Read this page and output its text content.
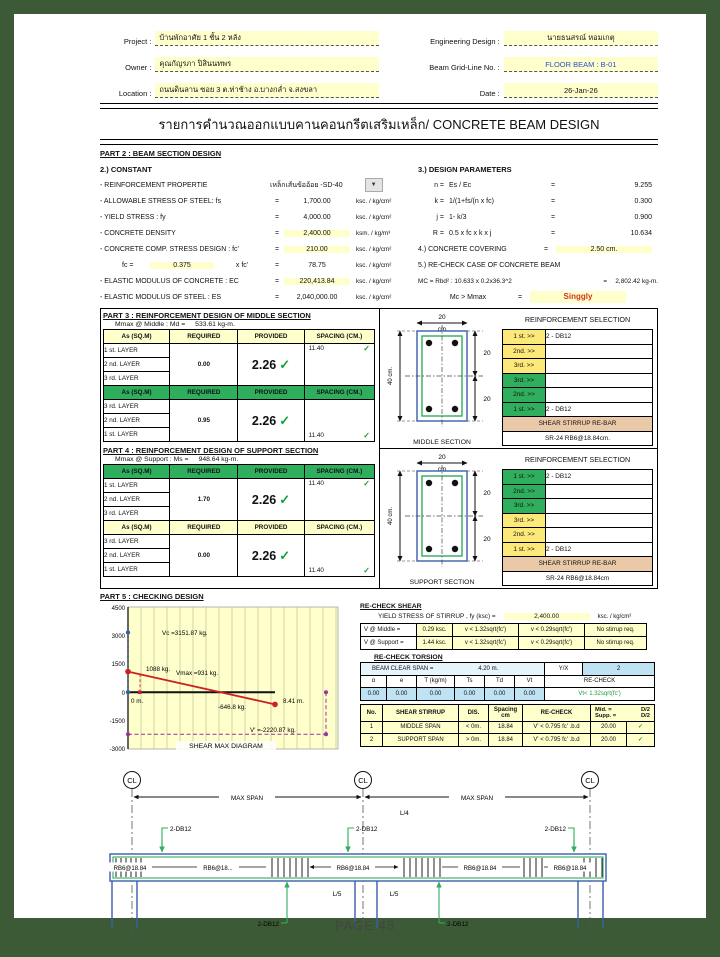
Project :	บ้านพักอาศัย 1 ชั้น 2 หลัง	Engineering Design :	นายธนสรณ์ หอมเกตุ
Owner :	คุณกัญรภา ปิสินนทพร	Beam Grid-Line No. :	FLOOR BEAM : B-01
Location :	ถนนดินลาน ซอย 3 ต.ท่าช้าง อ.บางกล่ำ จ.สงขลา	Date :	26-Jan-26
รายการคำนวณออกแบบคานคอนกรีตเสริมเหล็ก/ CONCRETE BEAM DESIGN
PART 2 : BEAM SECTION DESIGN
2.) CONSTANT
- REINFORCEMENT PROPERTIE	เหล็กเส้นข้ออ้อย -SD-40	▼
- ALLOWABLE STRESS OF STEEL: fs	=	1,700.00	ksc. / kg/cm²
- YIELD STRESS : fy	=	4,000.00	ksc. / kg/cm²
- CONCRETE DENSITY	=	2,400.00	ksm. / kg/m³
- CONCRETE COMP. STRESS DESIGN : fc'	=	210.00	ksc. / kg/cm²
fc =	0.375	x fc'	=	78.75	ksc. / kg/cm²
- ELASTIC MODULUS OF CONCRETE : EC	=	220,413.84	ksc. / kg/cm²
- ELASTIC MODULUS OF STEEL : ES	=	2,040,000.00	ksc. / kg/cm²
3.) DESIGN PARAMETERS
n = Es / Ec	=	9.255
k = 1/(1+fs/(n x fc)	=	0.300
j = 1- k/3	=	0.900
R = 0.5 x fc x k x j	=	10.634
4.) CONCRETE COVERING	=	2.50 cm.
5.) RE-CHECK CASE OF CONCRETE BEAM
MC = Rbd² : 10.633 x 0.2x36.3^2	=	2,802.42 kg-m.
Mc > Mmax	=	Singgly
PART 3 : REINFORCEMENT DESIGN OF MIDDLE SECTION
Mmax @ Middle : Md = 533.61 kg-m.
As (SQ.M)	REQUIRED	PROVIDED	SPACING (CM.)
1 st. LAYER	0.00	2.26 ✓	11.40 ✓

2 nd. LAYER			
3 rd. LAYER			
As (SQ.M)	REQUIRED	PROVIDED	SPACING (CM.)
3 rd. LAYER	0.95	2.26 ✓	11.40 ✓

2 nd. LAYER			
1 st. LAYER			
PART 4 : REINFORCEMENT DESIGN OF SUPPORT SECTION
Mmax @ Support : Ms = 948.64 kg-m.
As (SQ.M)	REQUIRED	PROVIDED	SPACING (CM.)
1 st. LAYER	1.70	2.26 ✓	11.40 ✓

2 nd. LAYER			
3 rd. LAYER			
As (SQ.M)	REQUIRED	PROVIDED	SPACING (CM.)
3 rd. LAYER	0.00	2.26 ✓	11.40 ✓

2 nd. LAYER			
1 st. LAYER			
20
cm
40 cm.
20
20
MIDDLE SECTION
REINFORCEMENT SELECTION
1 st. >>	2 - DB12
2nd. >>	
3rd. >>	
3rd. >>	
2nd. >>	
1 st. >>	2 - DB12
SHEAR STIRRUP RE-BAR	
SR-24 RB6@18.84cm.	
20
cm
40 cm.
20
20
SUPPORT SECTION
REINFORCEMENT SELECTION
1 st. >>	2 - DB12
2nd. >>	
3rd. >>	
3rd. >>	
2nd. >>	
1 st. >>	2 - DB12
SHEAR STIRRUP RE-BAR	
SR-24 RB6@18.84cm	
PART 5 : CHECKING DESIGN
4500
3000
1500
0
-1500
-3000
Vc =3151.87 kg.
1088 kg.
Vmax =931 kg.
0 m.
-646.8 kg.
8.41 m.
V' =-2220.87 kg.
SHEAR MAX DIAGRAM
RE-CHECK SHEAR
YIELD STRESS OF STIRRUP , fy (ksc) =	2,400.00	ksc. / kg/cm²
V @ Middle =	0.29 ksc.	v < 1.32sqrt(fc')	v < 0.29sqrt(fc')	No stirrup req.
V @ Support =	1.44 ksc.	v < 1.32sqrt(fc')	v < 0.29sqrt(fc')	No stirrup req.
RE-CHECK TORSION
BEAM CLEAR SPAN = 4.20 m.						Y/X	2
α	e	T (kg/m)	Ts	Td	Vt	RE-CHECK	
0.00	0.00	0.00	0.00	0.00	0.00	Vt< 1.32sqrt(fc')	
No.	SHEAR STIRRUP	DIS.	Spacing cm	RE-CHECK	Mid. = D/2
Supp. = D/2	

1	MIDDLE SPAN	< 0m.	18.84	V' < 0.795 fc' .b.d	20.00	✓
2	SUPPORT SPAN	> 0m.	18.84	V' < 0.795 fc' .b.d	20.00	✓
CL	CL	CL
MAX SPAN	MAX SPAN
L/4
2-DB12	2-DB12	2-DB12
RB6@18.84	RB6@18...	RB6@18.84	RB6@18.84	RB6@18.84
L/5	L/5
2-DB12	2-DB12
PAGE 48
